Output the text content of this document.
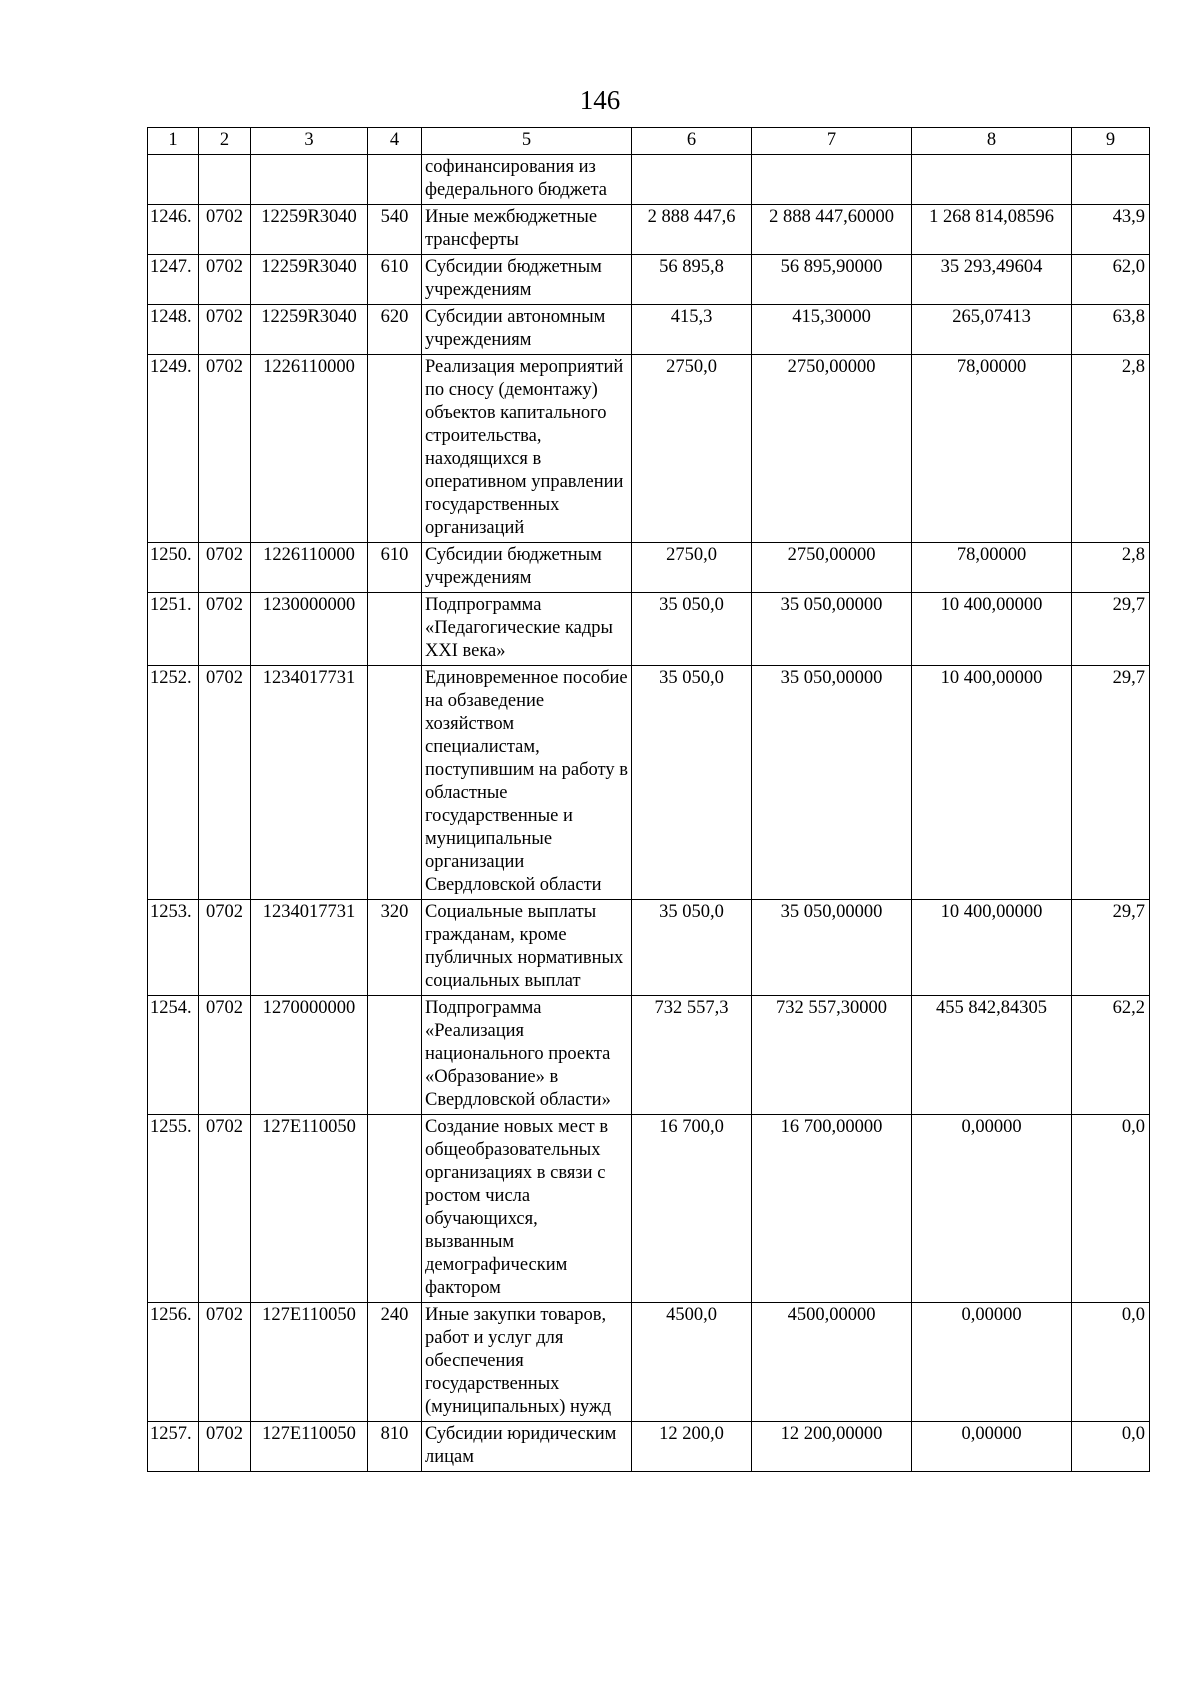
146
1	2	3	4	5	6	7	8	9
				софинансирования из федерального бюджета				
1246.	0702	12259R3040	540	Иные межбюджетные трансферты	2 888 447,6	2 888 447,60000	1 268 814,08596	43,9
1247.	0702	12259R3040	610	Субсидии бюджетным учреждениям	56 895,8	56 895,90000	35 293,49604	62,0
1248.	0702	12259R3040	620	Субсидии автономным учреждениям	415,3	415,30000	265,07413	63,8
1249.	0702	1226110000		Реализация мероприятий по сносу (демонтажу) объектов капитального строительства, находящихся в оперативном управлении государственных организаций	2750,0	2750,00000	78,00000	2,8
1250.	0702	1226110000	610	Субсидии бюджетным учреждениям	2750,0	2750,00000	78,00000	2,8
1251.	0702	1230000000		Подпрограмма «Педагогические кадры XXI века»	35 050,0	35 050,00000	10 400,00000	29,7
1252.	0702	1234017731		Единовременное пособие на обзаведение хозяйством специалистам, поступившим на работу в областные государственные и муниципальные организации Свердловской области	35 050,0	35 050,00000	10 400,00000	29,7
1253.	0702	1234017731	320	Социальные выплаты гражданам, кроме публичных нормативных социальных выплат	35 050,0	35 050,00000	10 400,00000	29,7
1254.	0702	1270000000		Подпрограмма «Реализация национального проекта «Образование» в Свердловской области»	732 557,3	732 557,30000	455 842,84305	62,2
1255.	0702	127E110050		Создание новых мест в общеобразовательных организациях в связи с ростом числа обучающихся, вызванным демографическим фактором	16 700,0	16 700,00000	0,00000	0,0
1256.	0702	127E110050	240	Иные закупки товаров, работ и услуг для обеспечения государственных (муниципальных) нужд	4500,0	4500,00000	0,00000	0,0
1257.	0702	127E110050	810	Субсидии юридическим лицам	12 200,0	12 200,00000	0,00000	0,0
